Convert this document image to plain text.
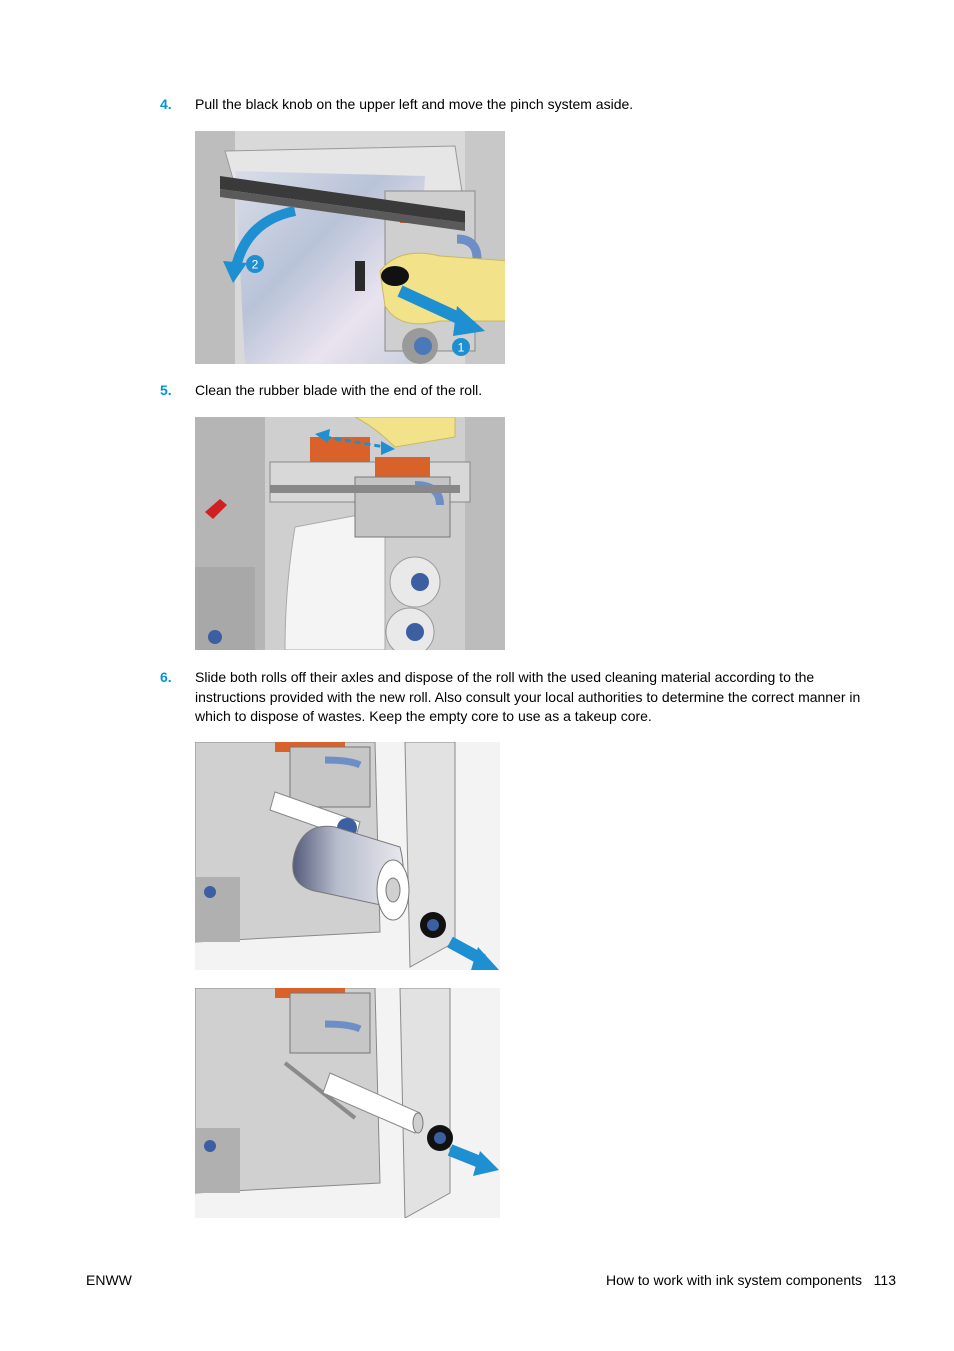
4. Pull the black knob on the upper left and move the pinch system aside.
2
1
5. Clean the rubber blade with the end of the roll.
6. Slide both rolls off their axles and dispose of the roll with the used cleaning material according to the instructions provided with the new roll. Also consult your local authorities to determine the correct manner in which to dispose of wastes. Keep the empty core to use as a takeup core.
ENWW	How to work with ink system components 113
